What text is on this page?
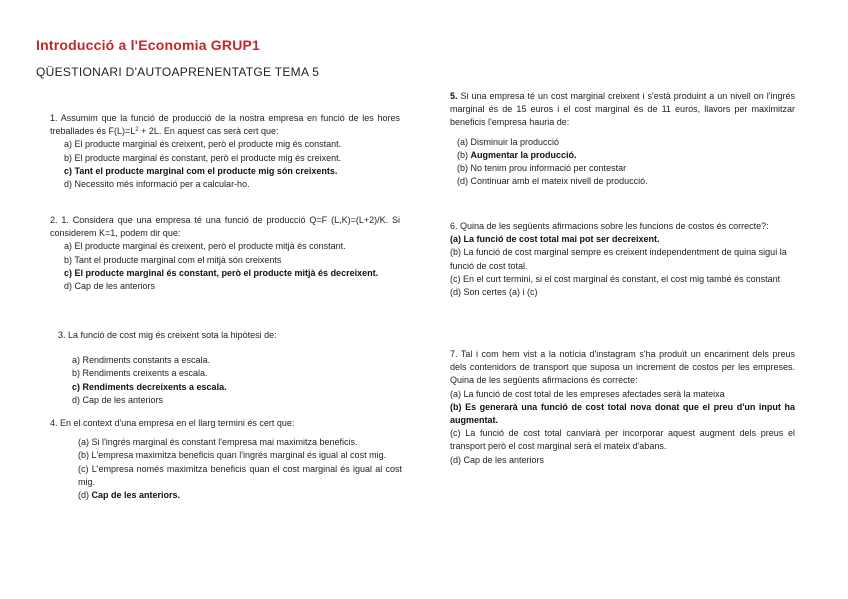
Introducció a l'Economia GRUP1
QÜESTIONARI D'AUTOAPRENENTATGE TEMA 5

1. Assumim que la funció de producció de la nostra empresa en funció de les hores treballades és $F(L)=L^2 + 2L$. En aquest cas serà cert que:

a) El producte marginal és creixent, però el producte mig és constant.

b) El producte marginal és constant, però el producte mig és creixent.

c) Tant el producte marginal com el producte mig són creixents.

d) Necessito més informació per a calcular-ho.

2. 1. Considera que una empresa té una funció de producció Q=F (L,K)=(L+2)/K. Si considerem K=1, podem dir que:

a) El producte marginal és creixent, però el producte mitjà és constant.

b) Tant el producte marginal com el mitjà són creixents

c) El producte marginal és constant, però el producte mitjà és decreixent.

d) Cap de les anteriors

3. La funció de cost mig és creixent sota la hipòtesi de:

a) Rendiments constants a escala.

b) Rendiments creixents a escala.

c) Rendiments decreixents a escala.

d) Cap de les anteriors

4. En el context d'una empresa en el llarg termini és cert que:

(a) Si l'ingrés marginal és constant l'empresa mai maximitza beneficis.

(b) L'empresa maximitza beneficis quan l'ingrés marginal és igual al cost mig.

(c) L'empresa només maximitza beneficis quan el cost marginal és igual al cost mig.

(d) Cap de les anteriors.

5. Si una empresa té un cost marginal creixent i s'està produint a un nivell on l'ingrés marginal és de 15 euros i el cost marginal és de 11 euros, llavors per maximitzar beneficis l'empresa hauria de:

(a) Disminuir la producció

(b) Augmentar la producció.

(b) No tenim prou informació per contestar

(d) Continuar amb el mateix nivell de producció.

6. Quina de les següents afirmacions sobre les funcions de costos és correcte?:

(a) La funció de cost total mai pot ser decreixent.

(b) La funció de cost marginal sempre es creixent independentment de quina sigui la funció de cost total.

(c) En el curt termini, si el cost marginal és constant, el cost mig també és constant

(d) Son certes (a) i (c)

7. Tal i com hem vist a la notícia d'instagram s'ha produït un encariment dels preus dels contenidors de transport que suposa un increment de costos per les empreses. Quina de les següents afirmacions és correcte:

(a) La funció de cost total de les empreses afectades serà la mateixa

(b) Es generarà una funció de cost total nova donat que el preu d'un input ha augmentat.

(c) La funció de cost total canviarà per incorporar aquest augment dels preus el transport però el cost marginal serà el mateix d'abans.

(d) Cap de les anteriors
